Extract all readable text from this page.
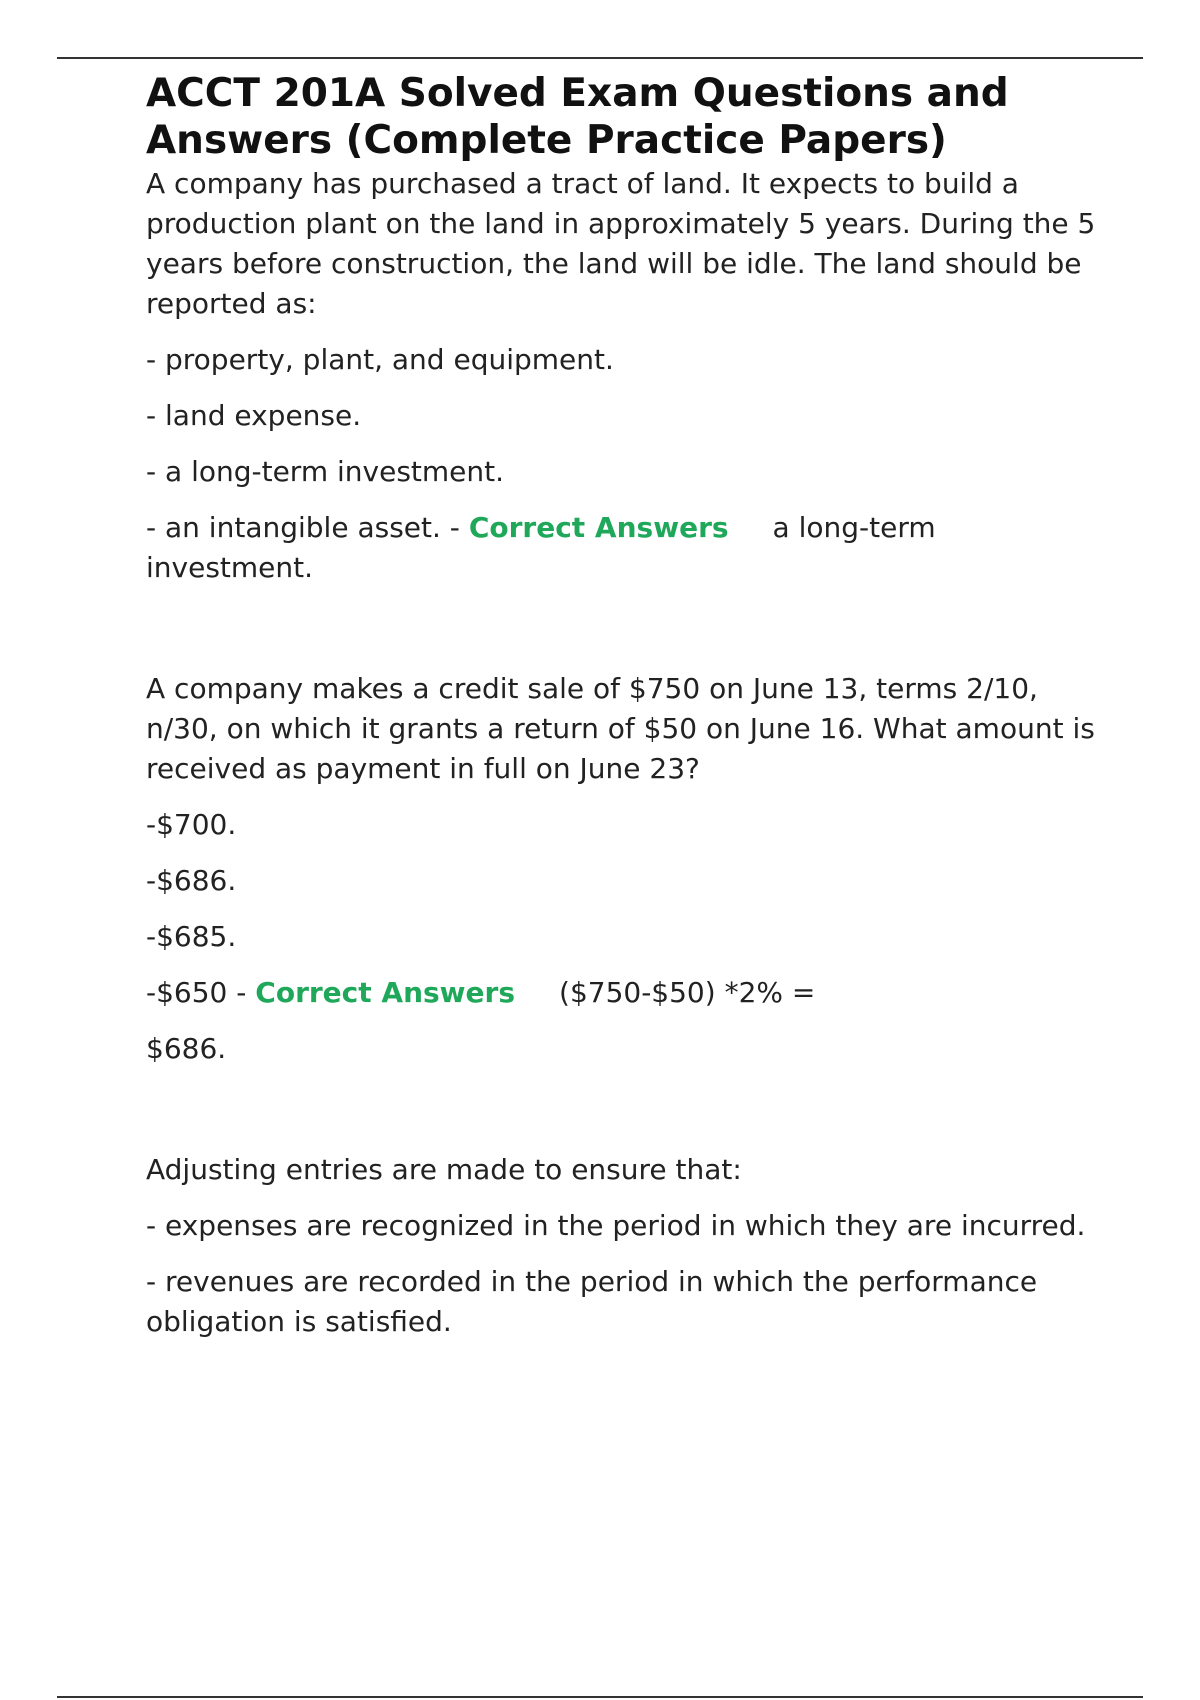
ACCT 201A Solved Exam Questions and Answers (Complete Practice Papers)

A company has purchased a tract of land. It expects to build a production plant on the land in approximately 5 years. During the 5 years before construction, the land will be idle. The land should be reported as:

- property, plant, and equipment.

- land expense.

- a long-term investment.

- an intangible asset. - Correct Answers a long-term investment.

A company makes a credit sale of $750 on June 13, terms 2/10, n/30, on which it grants a return of $50 on June 16. What amount is received as payment in full on June 23?

-$700.

-$686.

-$685.

-$650 - Correct Answers ($750-$50) *2% =

$686.

Adjusting entries are made to ensure that:

- expenses are recognized in the period in which they are incurred.

- revenues are recorded in the period in which the performance obligation is satisfied.
